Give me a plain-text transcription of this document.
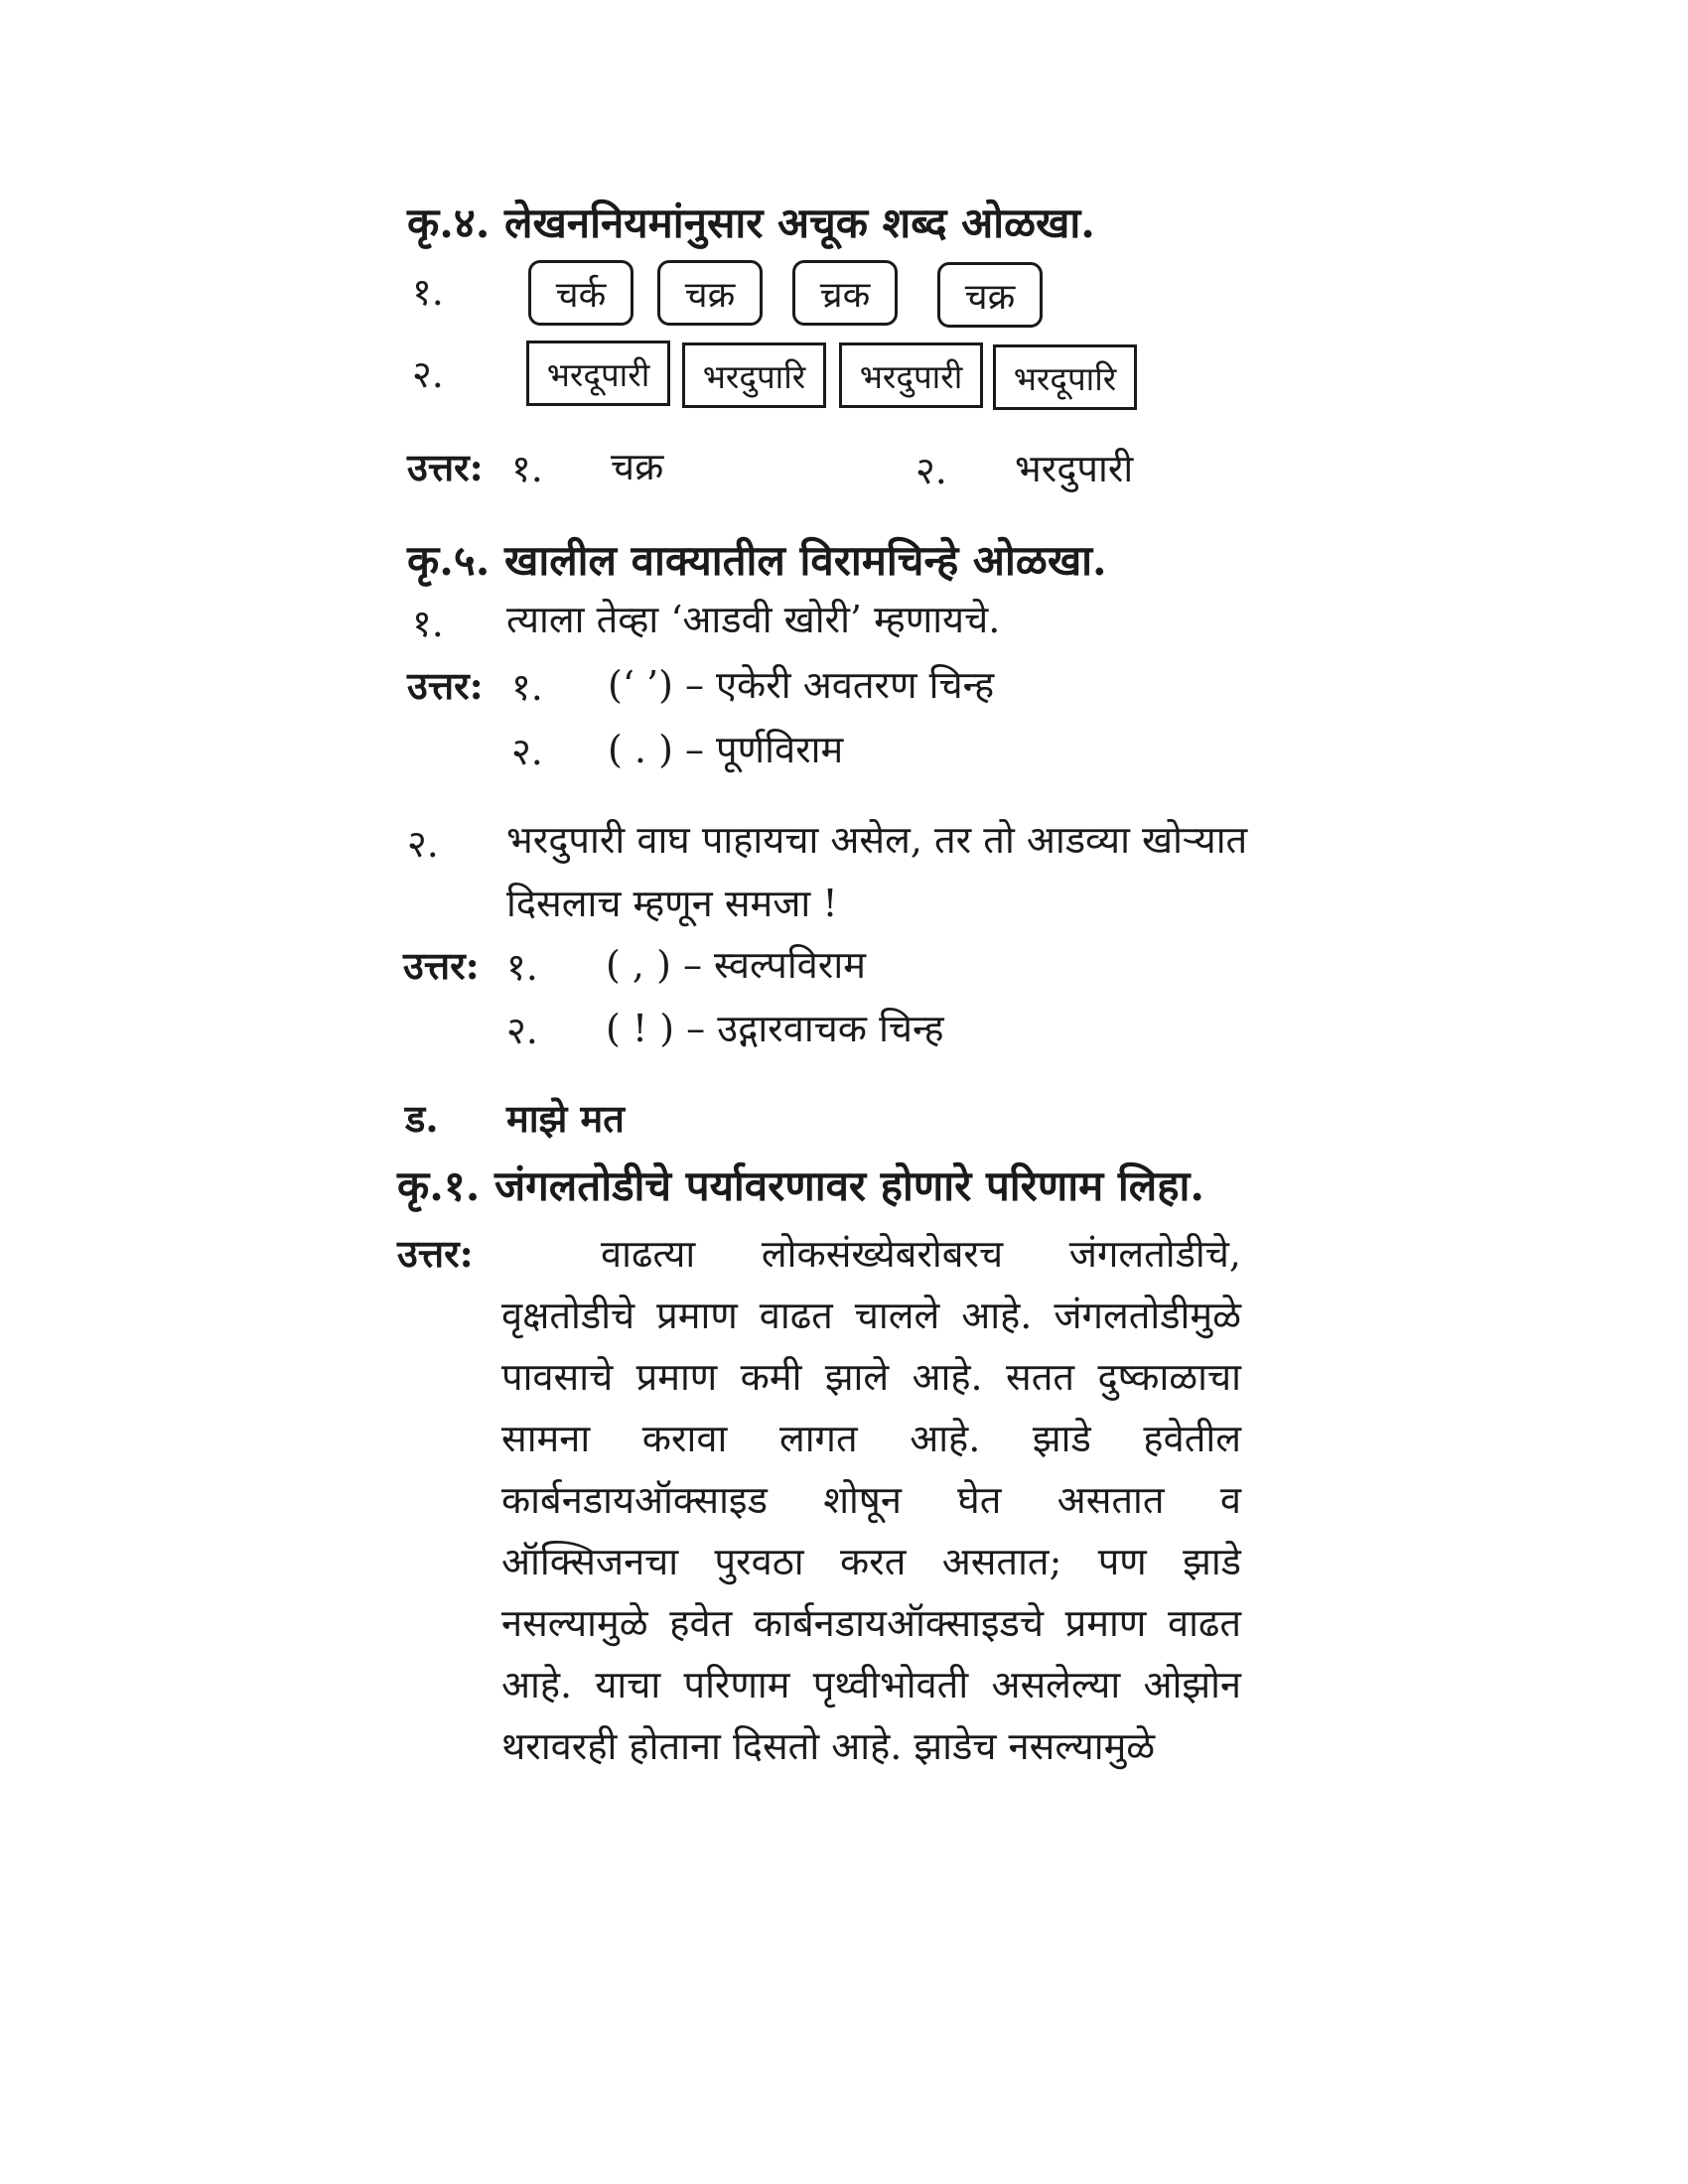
कृ.४. लेखननियमांनुसार अचूक शब्द ओळखा.
१.	चर्क	चक्र	च्रक	चक्र
२.	भरदूपारी	भरदुपारि	भरदुपारी	भरदूपारि
उत्तर: १. चक्र	२. भरदुपारी
कृ.५. खालील वाक्यातील विरामचिन्हे ओळखा.
१. त्याला तेव्हा ‘आडवी खोरी’ म्हणायचे.
उत्तर: १. (‘ ’) – एकेरी अवतरण चिन्ह
२. ( . ) – पूर्णविराम
२. भरदुपारी वाघ पाहायचा असेल, तर तो आडव्या खोऱ्यात
दिसलाच म्हणून समजा !
उत्तर: १. ( , ) – स्वल्पविराम
२. ( ! ) – उद्गारवाचक चिन्ह
ड. माझे मत
कृ.१. जंगलतोडीचे पर्यावरणावर होणारे परिणाम लिहा.
उत्तर:	वाढत्या लोकसंख्येबरोबरच जंगलतोडीचे, वृक्षतोडीचे प्रमाण वाढत चालले आहे. जंगलतोडीमुळे पावसाचे प्रमाण कमी झाले आहे. सतत दुष्काळाचा सामना करावा लागत आहे. झाडे हवेतील कार्बनडायऑक्साइड शोषून घेत असतात व ऑक्सिजनचा पुरवठा करत असतात; पण झाडे नसल्यामुळे हवेत कार्बनडायऑक्साइडचे प्रमाण वाढत आहे. याचा परिणाम पृथ्वीभोवती असलेल्या ओझोन थरावरही होताना दिसतो आहे. झाडेच नसल्यामुळे
